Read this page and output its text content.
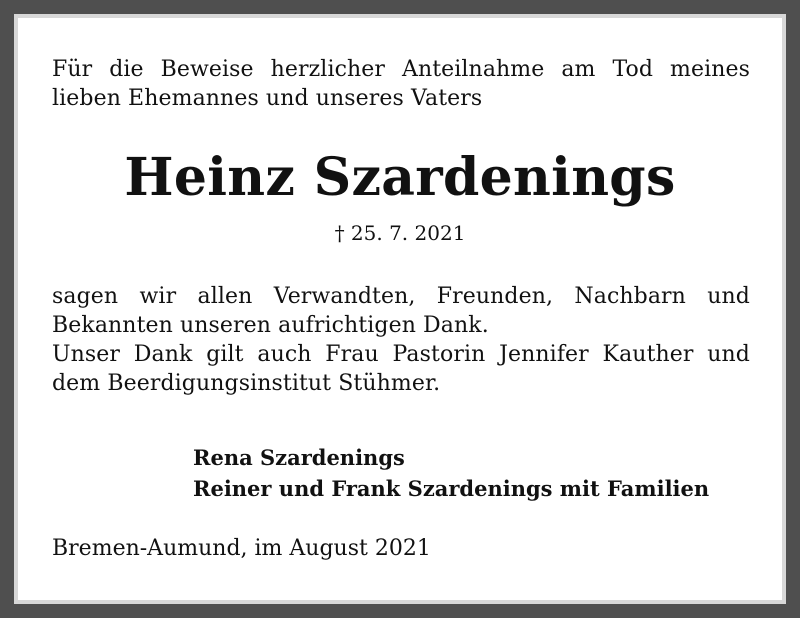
Für die Beweise herzlicher Anteilnahme am Tod meines
lieben Ehemannes und unseres Vaters
Heinz Szardenings
† 25. 7. 2021
sagen wir allen Verwandten, Freunden, Nachbarn und
Bekannten unseren aufrichtigen Dank.
Unser Dank gilt auch Frau Pastorin Jennifer Kauther und
dem Beerdigungsinstitut Stühmer.
Rena Szardenings
Reiner und Frank Szardenings mit Familien
Bremen-Aumund, im August 2021
